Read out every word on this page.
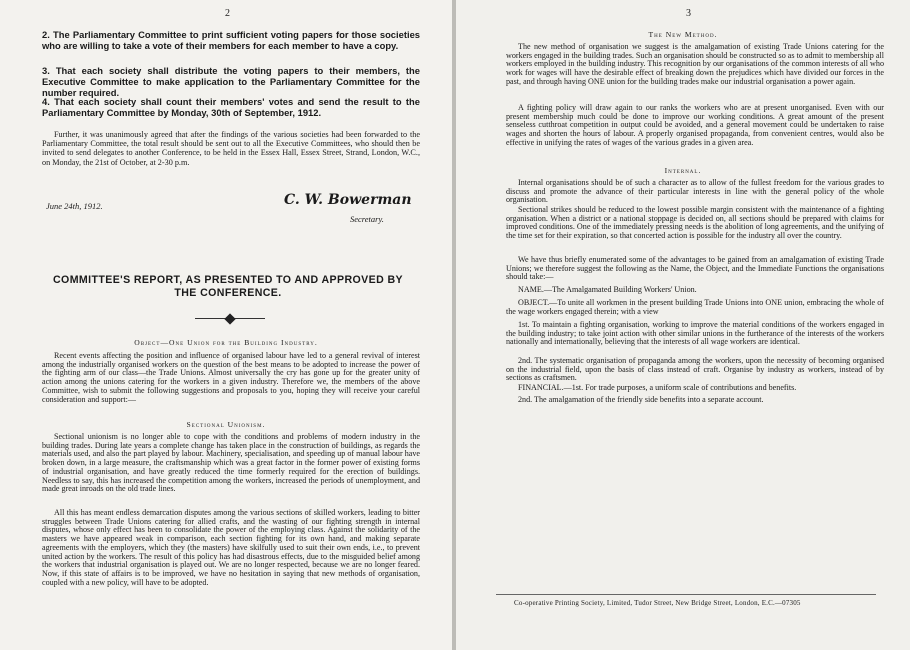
2
2. The Parliamentary Committee to print sufficient voting papers for those societies who are willing to take a vote of their members for each member to have a copy.
3. That each society shall distribute the voting papers to their members, the Executive Committee to make application to the Parliamentary Committee for the number required.
4. That each society shall count their members' votes and send the result to the Parliamentary Committee by Monday, 30th of September, 1912.
Further, it was unanimously agreed that after the findings of the various societies had been forwarded to the Parliamentary Committee, the total result should be sent out to all the Executive Committees, who should then be invited to send delegates to another Conference, to be held in the Essex Hall, Essex Street, Strand, London, W.C., on Monday, the 21st of October, at 2-30 p.m.
June 24th, 1912.	C. W. Bowerman
Secretary.
COMMITTEE'S REPORT, AS PRESENTED TO AND APPROVED BY THE CONFERENCE.
Object—One Union for the Building Industry.
Recent events affecting the position and influence of organised labour have led to a general revival of interest among the industrially organised workers on the question of the best means to be adopted to increase the power of the fighting arm of our class—the Trade Unions. Almost universally the cry has gone up for the greater unity of action among the unions catering for the workers in a given industry. Therefore we, the members of the above Committee, wish to submit the following suggestions and proposals to you, hoping they will receive your careful consideration and support:—
Sectional Unionism.
Sectional unionism is no longer able to cope with the conditions and problems of modern industry in the building trades. During late years a complete change has taken place in the construction of buildings, as regards the materials used, and also the part played by labour. Machinery, specialisation, and speeding up of manual labour have broken down, in a large measure, the craftsmanship which was a great factor in the former power of existing forms of industrial organisation, and have greatly reduced the time formerly required for the erection of buildings. Needless to say, this has increased the competition among the workers, increased the periods of unemployment, and made great inroads on the old trade lines.
All this has meant endless demarcation disputes among the various sections of skilled workers, leading to bitter struggles between Trade Unions catering for allied crafts, and the wasting of our fighting strength in internal disputes, whose only effect has been to consolidate the power of the employing class. Against the solidarity of the masters we have appeared weak in comparison, each section fighting for its own hand, and making separate agreements with the employers, which they (the masters) have skilfully used to suit their own ends, i.e., to prevent united action by the workers. The result of this policy has had disastrous effects, due to the misguided belief among the workers that industrial organisation is played out. We are no longer respected, because we are no longer feared. Now, if this state of affairs is to be improved, we have no hesitation in saying that new methods of organisation, coupled with a new policy, will have to be adopted.
3
The New Method.
The new method of organisation we suggest is the amalgamation of existing Trade Unions catering for the workers engaged in the building trades. Such an organisation should be constructed so as to admit to membership all workers employed in the building industry. This recognition by our organisations of the common interests of all who work for wages will have the desirable effect of breaking down the prejudices which have divided our forces in the past, and through having ONE union for the building trades make our industrial organisation a power again.
A fighting policy will draw again to our ranks the workers who are at present unorganised. Even with our present membership much could be done to improve our working conditions. A great amount of the present senseless cutthroat competition in output could be avoided, and a general movement could be undertaken to raise wages and shorten the hours of labour. A properly organised propaganda, from convenient centres, would also be effective in unifying the rates of wages of the various grades in a given area.
Internal.
Internal organisations should be of such a character as to allow of the fullest freedom for the various grades to discuss and promote the advance of their particular interests in line with the general policy of the whole organisation.
Sectional strikes should be reduced to the lowest possible margin consistent with the maintenance of a fighting organisation. When a district or a national stoppage is decided on, all sections should be prepared with claims for improved conditions. One of the immediately pressing needs is the abolition of long agreements, and the unifying of the time set for their expiration, so that concerted action is possible for the industry all over the country.
We have thus briefly enumerated some of the advantages to be gained from an amalgamation of existing Trade Unions; we therefore suggest the following as the Name, the Object, and the Immediate Functions the organisations should take:—
NAME.—The Amalgamated Building Workers' Union.
OBJECT.—To unite all workmen in the present building Trade Unions into ONE union, embracing the whole of the wage workers engaged therein; with a view
1st. To maintain a fighting organisation, working to improve the material conditions of the workers engaged in the building industry; to take joint action with other similar unions in the furtherance of the interests of the workers nationally and internationally, believing that the interests of all wage workers are identical.
2nd. The systematic organisation of propaganda among the workers, upon the necessity of becoming organised on the industrial field, upon the basis of class instead of craft. Organise by industry as workers, instead of by sections as craftsmen.
FINANCIAL.—1st. For trade purposes, a uniform scale of contributions and benefits.
2nd. The amalgamation of the friendly side benefits into a separate account.
Co-operative Printing Society, Limited, Tudor Street, New Bridge Street, London, E.C.—07305
